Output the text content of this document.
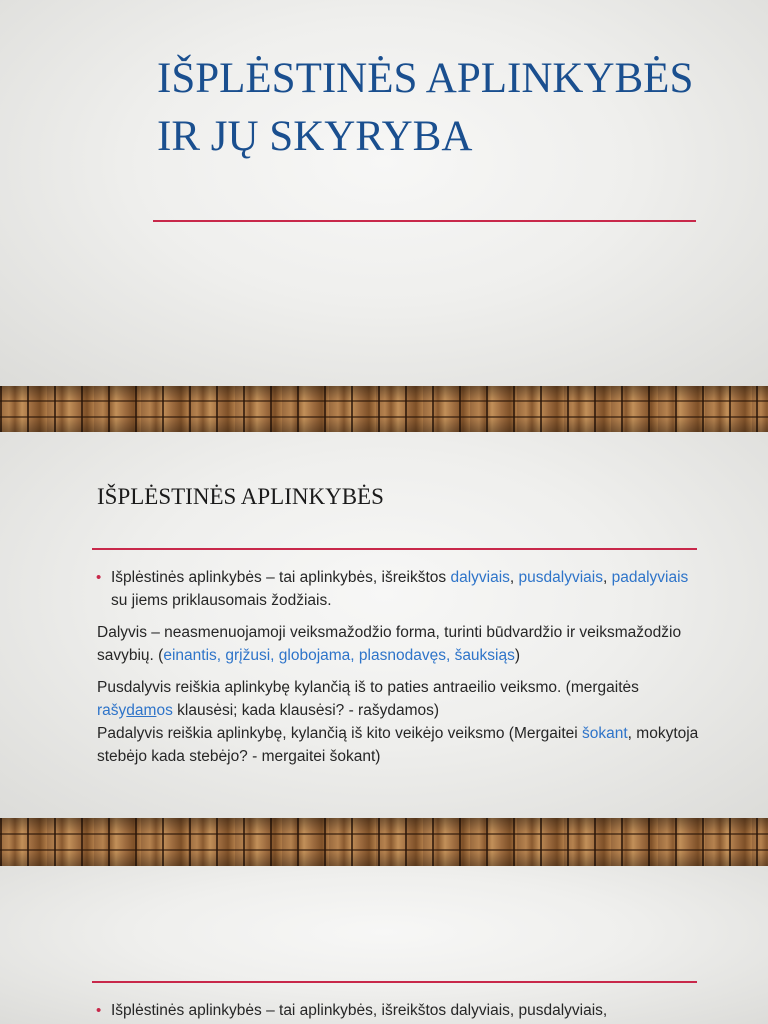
IŠPLĖSTINĖS APLINKYBĖS IR JŲ SKYRYBA
IŠPLĖSTINĖS APLINKYBĖS
• Išplėstinės aplinkybės – tai aplinkybės, išreikštos dalyviais, pusdalyviais, padalyviais
su jiems priklausomais žodžiais.

Dalyvis – neasmenuojamoji veiksmažodžio forma, turinti būdvardžio ir veiksmažodžio savybių. (einantis, grįžusi, globojama, plasnodavęs, šauksiąs)

Pusdalyvis reiškia aplinkybę kylančią iš to paties antraeilio veiksmo. (mergaitės rašydamos klausėsi; kada klausėsi? - rašydamos)
Padalyvis reiškia aplinkybę, kylančią iš kito veikėjo veiksmo (Mergaitei šokant, mokytoja stebėjo kada stebėjo? - mergaitei šokant)

• Išplėstinės aplinkybės – tai aplinkybės, išreikštos dalyviais, pusdalyviais,
